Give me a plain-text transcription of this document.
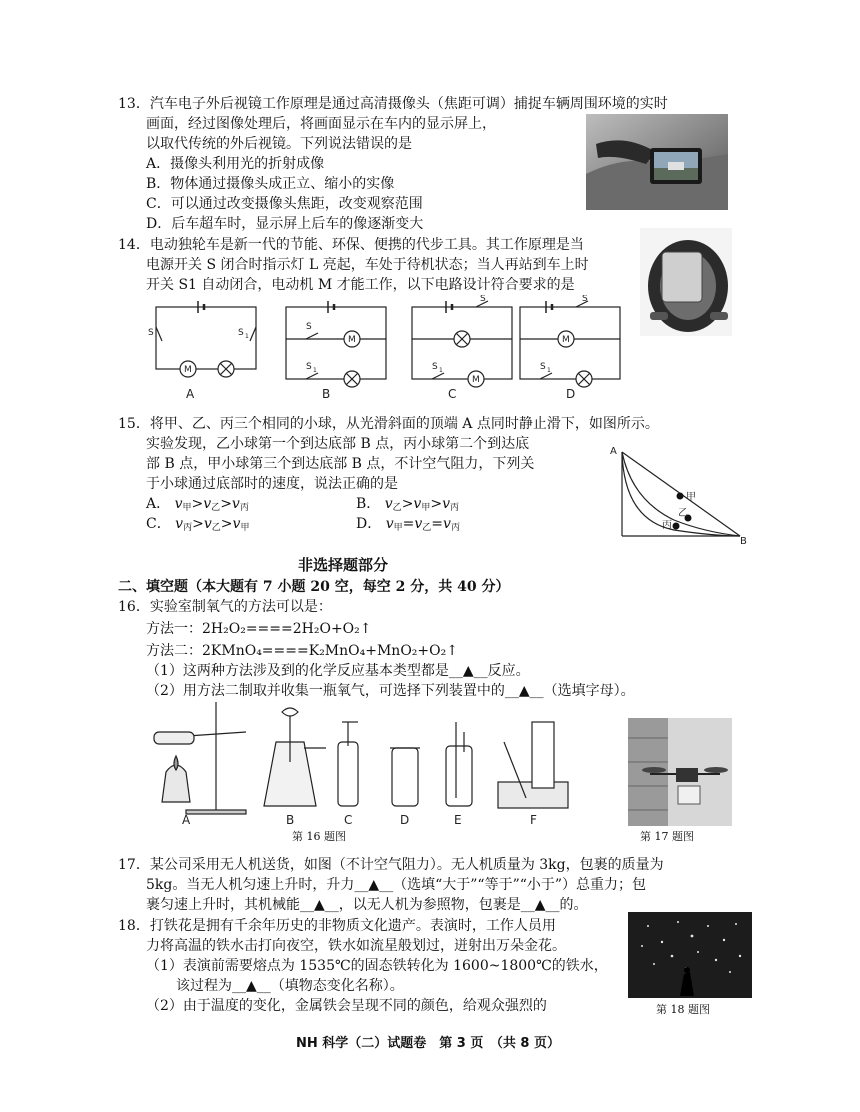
13．汽车电子外后视镜工作原理是通过高清摄像头（焦距可调）捕捉车辆周围环境的实时
画面，经过图像处理后，将画面显示在车内的显示屏上，
以取代传统的外后视镜。下列说法错误的是
A．摄像头利用光的折射成像
B．物体通过摄像头成正立、缩小的实像
C．可以通过改变摄像头焦距，改变观察范围
D．后车超车时，显示屏上后车的像逐渐变大
14．电动独轮车是新一代的节能、环保、便携的代步工具。其工作原理是当
电源开关 S 闭合时指示灯 L 亮起，车处于待机状态；当人再站到车上时
开关 S1 自动闭合，电动机 M 才能工作，以下电路设计符合要求的是
S	S 1
M
S
S 1
M
S
S 1
M
S
S 1
M
A	B	C	D
15．将甲、乙、丙三个相同的小球，从光滑斜面的顶端 A 点同时静止滑下，如图所示。
实验发现，乙小球第一个到达底部 B 点，丙小球第二个到达底
部 B 点，甲小球第三个到达底部 B 点，不计空气阻力，下列关
于小球通过底部时的速度，说法正确的是
A． $v_甲>v_乙>v_丙$	B． $v_乙>v_甲>v_丙$
C． $v_丙>v_乙>v_甲$	D． $v_甲=v_乙=v_丙$
A
B
甲
乙
丙
非选择题部分
二、填空题（本大题有 7 小题 20 空，每空 2 分，共 40 分）
16．实验室制氧气的方法可以是：
方法一：2H₂O₂====2H₂O+O₂↑
方法二：2KMnO₄====K₂MnO₄+MnO₂+O₂↑
（1）这两种方法涉及到的化学反应基本类型都是__▲__反应。
（2）用方法二制取并收集一瓶氧气，可选择下列装置中的__▲__（选填字母）。
A	B	C	D	E	F
第 16 题图	第 17 题图
17．某公司采用无人机送货，如图（不计空气阻力）。无人机质量为 3kg，包裹的质量为
5kg。当无人机匀速上升时，升力__▲__（选填“大于”“等于”“小于”）总重力；包
裹匀速上升时，其机械能__▲__，以无人机为参照物，包裹是__▲__的。
18．打铁花是拥有千余年历史的非物质文化遗产。表演时，工作人员用
力将高温的铁水击打向夜空，铁水如流星般划过，迸射出万朵金花。
（1）表演前需要熔点为 1535℃的固态铁转化为 1600~1800℃的铁水，
该过程为__▲__（填物态变化名称）。
（2）由于温度的变化，金属铁会呈现不同的颜色，给观众强烈的	第 18 题图
NH 科学（二）试题卷　第 3 页　（共 8 页）
